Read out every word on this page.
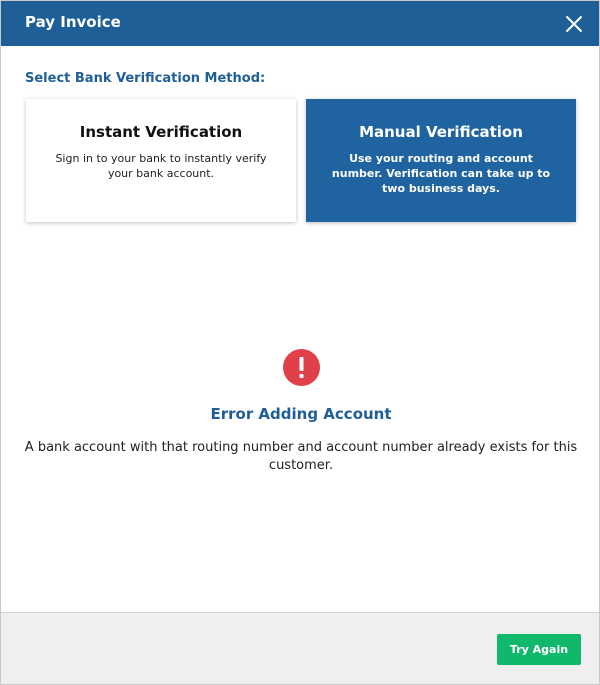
Pay Invoice
Select Bank Verification Method:
Instant Verification
Sign in to your bank to instantly verify your bank account.
Manual Verification
Use your routing and account number. Verification can take up to two business days.
Error Adding Account
A bank account with that routing number and account number already exists for this customer.
Try Again
